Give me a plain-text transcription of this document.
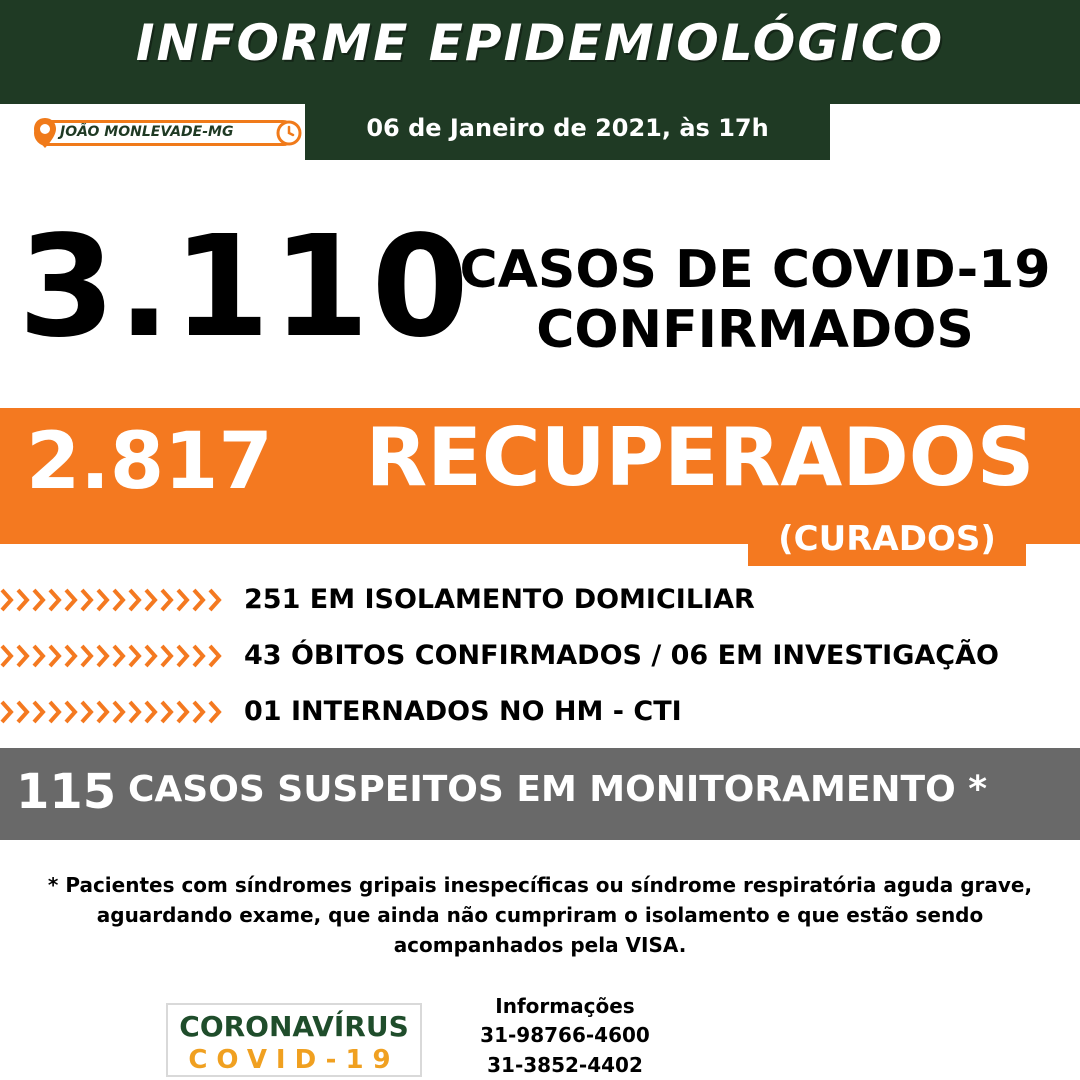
INFORME EPIDEMIOLÓGICO
06 de Janeiro de 2021, às 17h
JOÃO MONLEVADE-MG
3.110
CASOS DE COVID-19
CONFIRMADOS
(CURADOS)
2.817	RECUPERADOS
251 EM ISOLAMENTO DOMICILIAR
43 ÓBITOS CONFIRMADOS / 06 EM INVESTIGAÇÃO
01 INTERNADOS NO HM - CTI
115 CASOS SUSPEITOS EM MONITORAMENTO *
* Pacientes com síndromes gripais inespecíficas ou síndrome respiratória aguda grave,
aguardando exame, que ainda não cumpriram o isolamento e que estão sendo
acompanhados pela VISA.
CORONAVÍRUS
COVID-19
Informações
31-98766-4600
31-3852-4402
